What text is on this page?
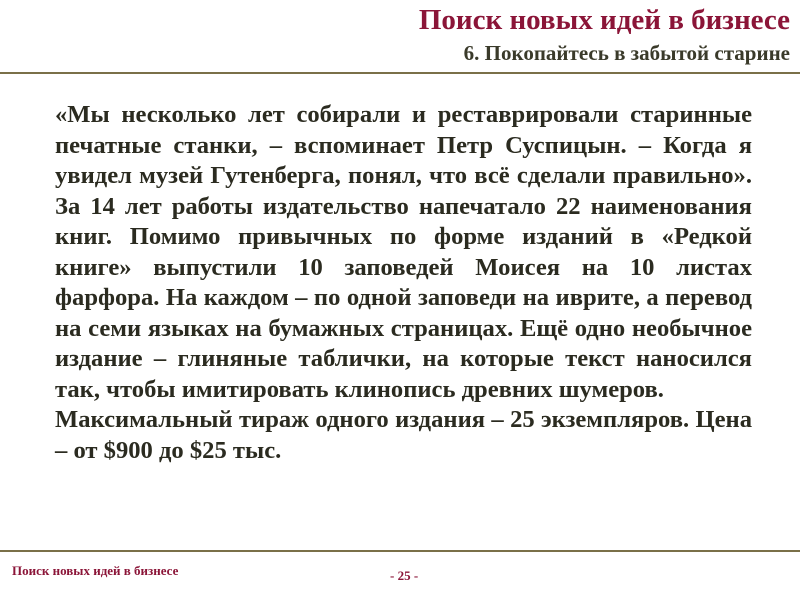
Поиск новых идей в бизнесе
6. Покопайтесь в забытой старине

«Мы несколько лет собирали и реставрировали старинные печатные станки, – вспоминает Петр Суспицын. – Когда я увидел музей Гутенберга, понял, что всё сделали правильно». За 14 лет работы издательство напечатало 22 наименования книг. Помимо привычных по форме изданий в «Редкой книге» выпустили 10 заповедей Моисея на 10 листах фарфора. На каждом – по одной заповеди на иврите, а перевод на семи языках на бумажных страницах. Ещё одно необычное издание – глиняные таблички, на которые текст наносился так, чтобы имитировать клинопись древних шумеров.

Максимальный тираж одного издания – 25 экземпляров. Цена – от $900 до $25 тыс.

Поиск новых идей в бизнесе	- 25 -
